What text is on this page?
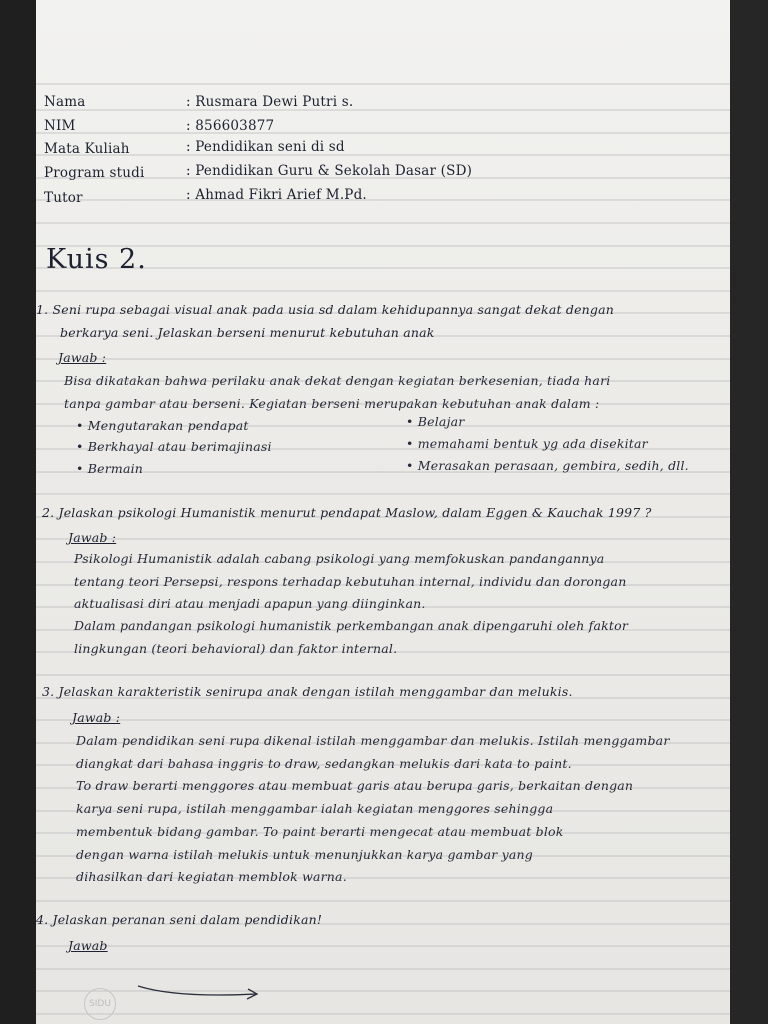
Nama	: Rusmara Dewi Putri s.
NIM	: 856603877
Mata Kuliah	: Pendidikan seni di sd
Program studi	: Pendidikan Guru & Sekolah Dasar (SD)
Tutor	: Ahmad Fikri Arief M.Pd.
Kuis 2.
1. Seni rupa sebagai visual anak pada usia sd dalam kehidupannya sangat dekat dengan
berkarya seni. Jelaskan berseni menurut kebutuhan anak
Jawab :
Bisa dikatakan bahwa perilaku anak dekat dengan kegiatan berkesenian, tiada hari
tanpa gambar atau berseni. Kegiatan berseni merupakan kebutuhan anak dalam :
• Mengutarakan pendapat
• Berkhayal atau berimajinasi
• Bermain
• Belajar
• memahami bentuk yg ada disekitar
• Merasakan perasaan, gembira, sedih, dll.
2. Jelaskan psikologi Humanistik menurut pendapat Maslow, dalam Eggen & Kauchak 1997 ?
Jawab :
Psikologi Humanistik adalah cabang psikologi yang memfokuskan pandangannya
tentang teori Persepsi, respons terhadap kebutuhan internal, individu dan dorongan
aktualisasi diri atau menjadi apapun yang diinginkan.
Dalam pandangan psikologi humanistik perkembangan anak dipengaruhi oleh faktor
lingkungan (teori behavioral) dan faktor internal.
3. Jelaskan karakteristik senirupa anak dengan istilah menggambar dan melukis.
Jawab :
Dalam pendidikan seni rupa dikenal istilah menggambar dan melukis. Istilah menggambar
diangkat dari bahasa inggris to draw, sedangkan melukis dari kata to paint.
To draw berarti menggores atau membuat garis atau berupa garis, berkaitan dengan
karya seni rupa, istilah menggambar ialah kegiatan menggores sehingga
membentuk bidang gambar. To paint berarti mengecat atau membuat blok
dengan warna istilah melukis untuk menunjukkan karya gambar yang
dihasilkan dari kegiatan memblok warna.
4. Jelaskan peranan seni dalam pendidikan!
Jawab
SIDU
